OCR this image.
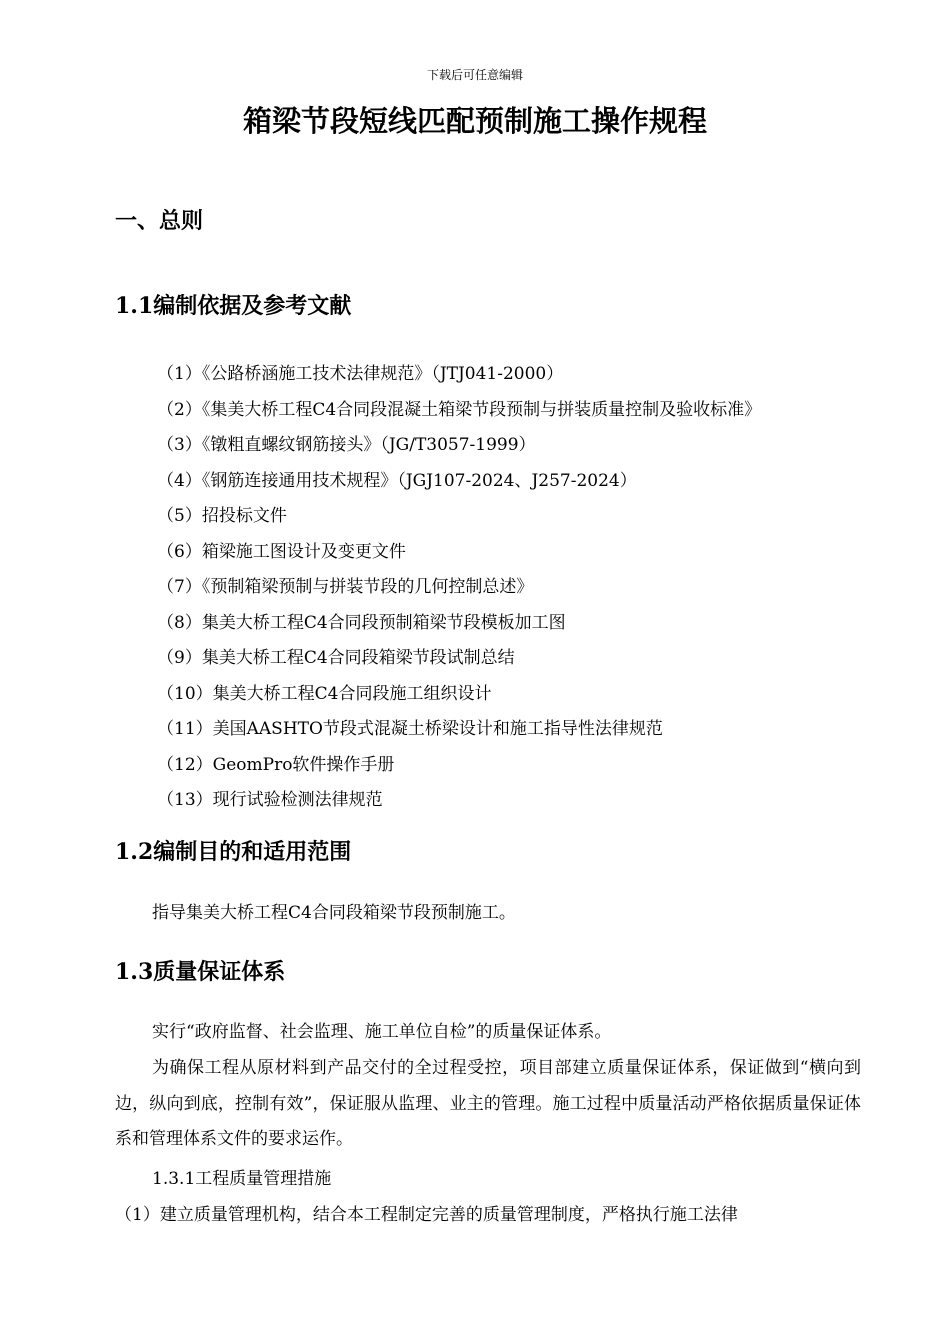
下载后可任意编辑
箱梁节段短线匹配预制施工操作规程
一、总则
1.1编制依据及参考文献
（1）《公路桥涵施工技术法律规范》（JTJ041-2000）
（2）《集美大桥工程C4合同段混凝土箱梁节段预制与拼装质量控制及验收标准》
（3）《镦粗直螺纹钢筋接头》（JG/T3057-1999）
（4）《钢筋连接通用技术规程》（JGJ107-2024、J257-2024）
（5）招投标文件
（6）箱梁施工图设计及变更文件
（7）《预制箱梁预制与拼装节段的几何控制总述》
（8）集美大桥工程C4合同段预制箱梁节段模板加工图
（9）集美大桥工程C4合同段箱梁节段试制总结
（10）集美大桥工程C4合同段施工组织设计
（11）美国AASHTO节段式混凝土桥梁设计和施工指导性法律规范
（12）GeomPro软件操作手册
（13）现行试验检测法律规范
1.2编制目的和适用范围

指导集美大桥工程C4合同段箱梁节段预制施工。

1.3质量保证体系

实行“政府监督、社会监理、施工单位自检”的质量保证体系。

为确保工程从原材料到产品交付的全过程受控，项目部建立质量保证体系，保证做到“横向到边，纵向到底，控制有效”，保证服从监理、业主的管理。施工过程中质量活动严格依据质量保证体系和管理体系文件的要求运作。

1.3.1工程质量管理措施

（1）建立质量管理机构，结合本工程制定完善的质量管理制度，严格执行施工法律
